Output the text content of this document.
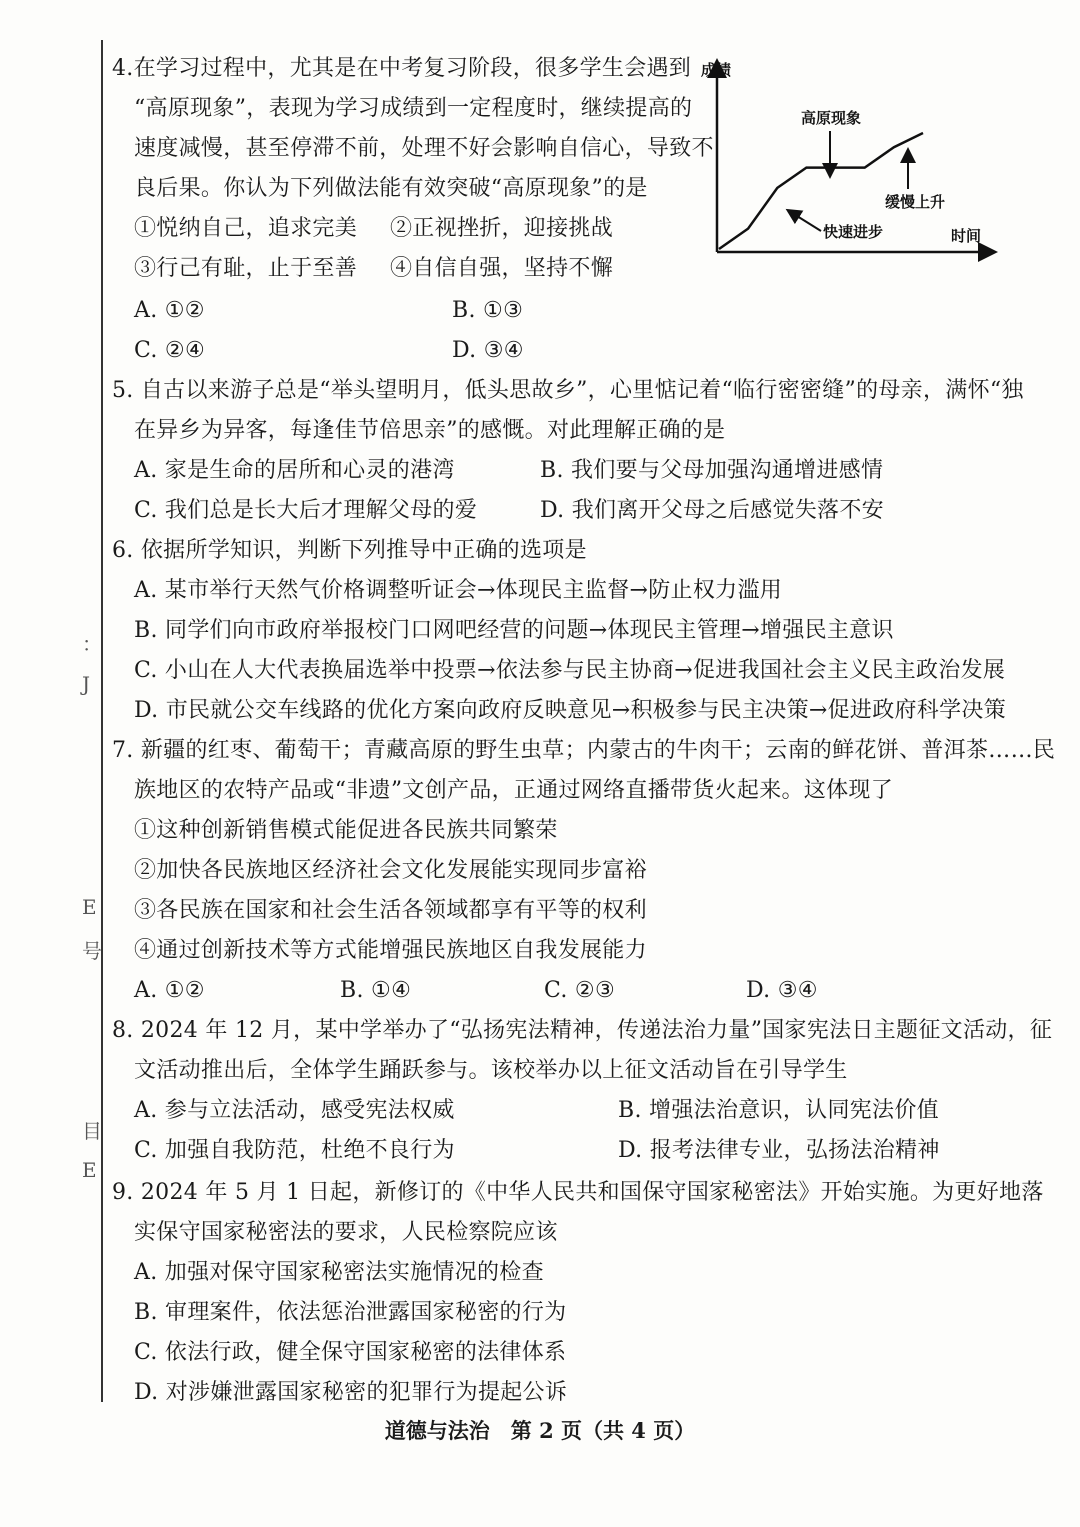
：
J
E
号
目
E
4.在学习过程中，尤其是在中考复习阶段，很多学生会遇到
“高原现象”，表现为学习成绩到一定程度时，继续提高的
速度减慢，甚至停滞不前，处理不好会影响自信心，导致不
良后果。你认为下列做法能有效突破“高原现象”的是
①悦纳自己，追求完美 ②正视挫折，迎接挑战
③行己有耻，止于至善 ④自信自强，坚持不懈
A. ①②	B. ①③
C. ②④	D. ③④
成绩
时间
高原现象
缓慢上升
快速进步
5. 自古以来游子总是“举头望明月，低头思故乡”，心里惦记着“临行密密缝”的母亲，满怀“独
在异乡为异客，每逢佳节倍思亲”的感慨。对此理解正确的是
A. 家是生命的居所和心灵的港湾	B. 我们要与父母加强沟通增进感情
C. 我们总是长大后才理解父母的爱	D. 我们离开父母之后感觉失落不安
6. 依据所学知识，判断下列推导中正确的选项是
A. 某市举行天然气价格调整听证会→体现民主监督→防止权力滥用
B. 同学们向市政府举报校门口网吧经营的问题→体现民主管理→增强民主意识
C. 小山在人大代表换届选举中投票→依法参与民主协商→促进我国社会主义民主政治发展
D. 市民就公交车线路的优化方案向政府反映意见→积极参与民主决策→促进政府科学决策
7. 新疆的红枣、葡萄干；青藏高原的野生虫草；内蒙古的牛肉干；云南的鲜花饼、普洱茶……民
族地区的农特产品或“非遗”文创产品，正通过网络直播带货火起来。这体现了
①这种创新销售模式能促进各民族共同繁荣
②加快各民族地区经济社会文化发展能实现同步富裕
③各民族在国家和社会生活各领域都享有平等的权利
④通过创新技术等方式能增强民族地区自我发展能力
A. ①②	B. ①④	C. ②③	D. ③④
8. 2024 年 12 月，某中学举办了“弘扬宪法精神，传递法治力量”国家宪法日主题征文活动，征
文活动推出后，全体学生踊跃参与。该校举办以上征文活动旨在引导学生
A. 参与立法活动，感受宪法权威	B. 增强法治意识，认同宪法价值
C. 加强自我防范，杜绝不良行为	D. 报考法律专业，弘扬法治精神
9. 2024 年 5 月 1 日起，新修订的《中华人民共和国保守国家秘密法》开始实施。为更好地落
实保守国家秘密法的要求，人民检察院应该
A. 加强对保守国家秘密法实施情况的检查
B. 审理案件，依法惩治泄露国家秘密的行为
C. 依法行政，健全保守国家秘密的法律体系
D. 对涉嫌泄露国家秘密的犯罪行为提起公诉
道德与法治　第 2 页（共 4 页）
